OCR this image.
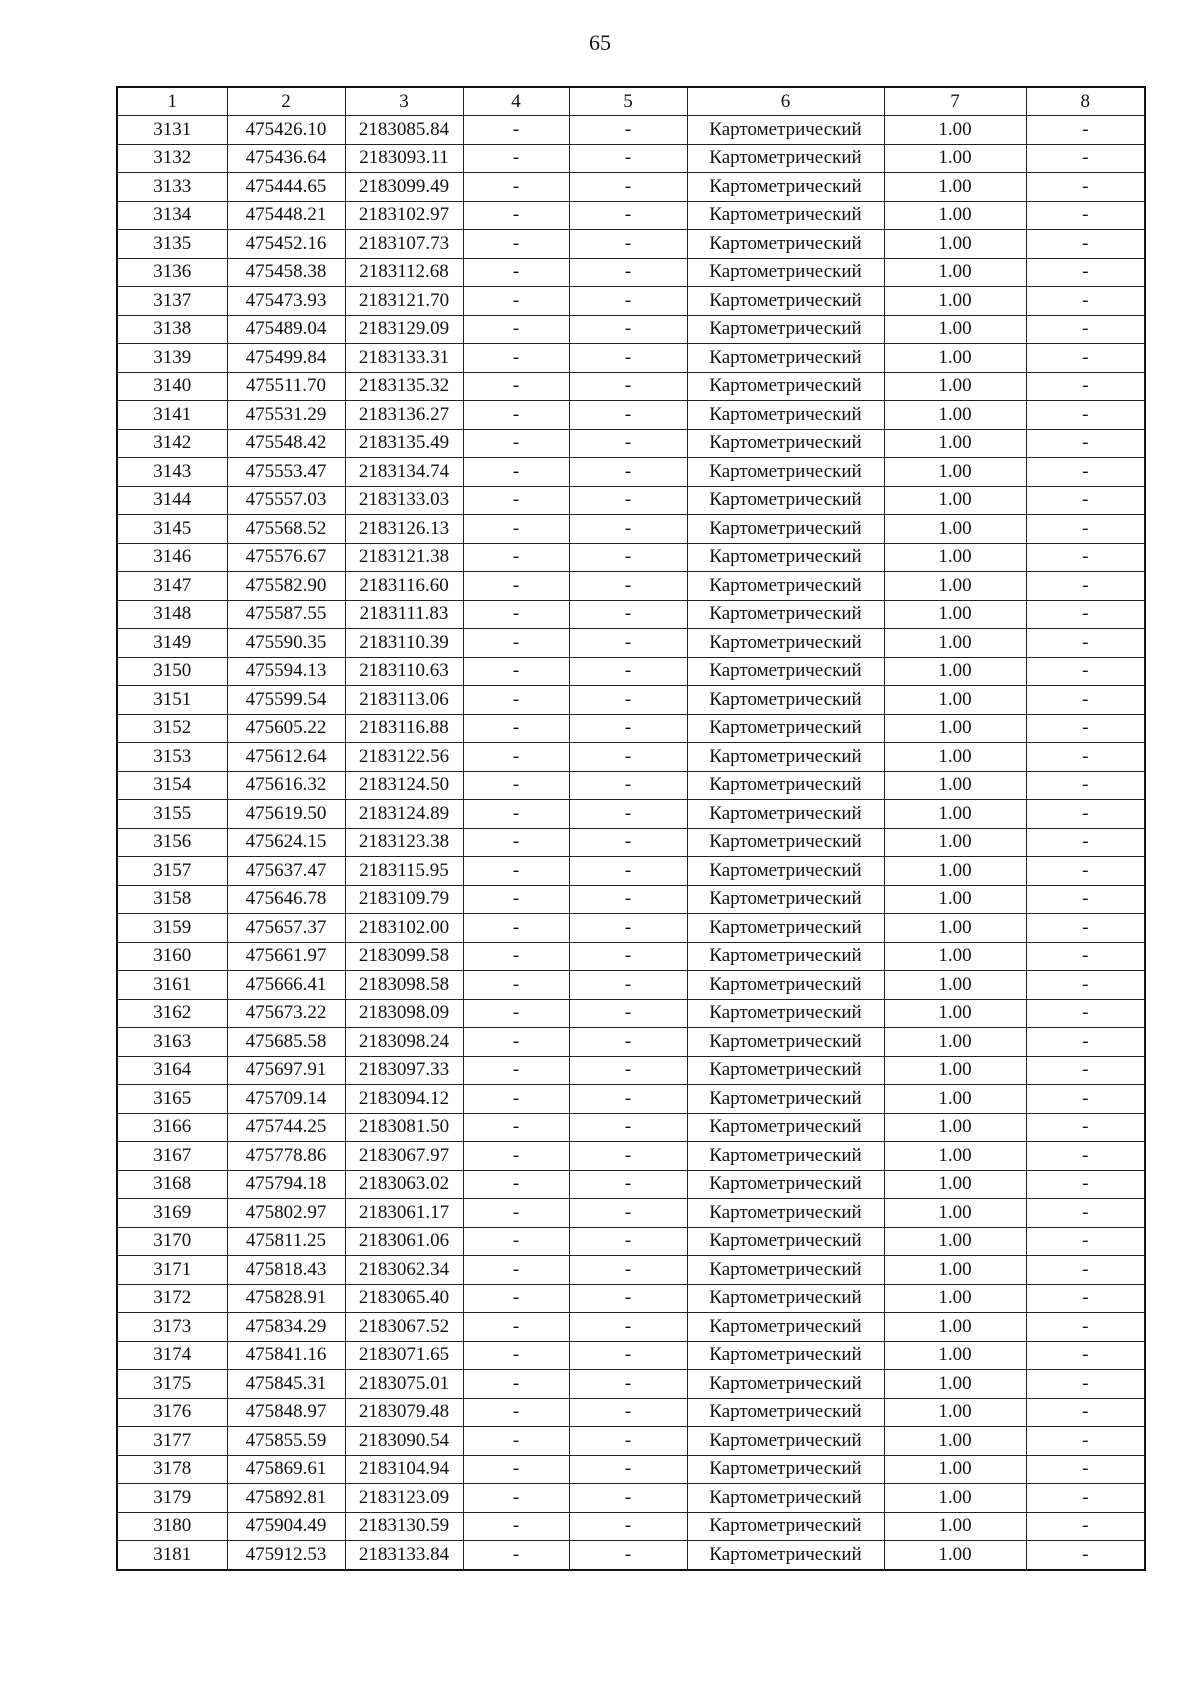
65
1	2	3	4	5	6	7	8
3131	475426.10	2183085.84	-	-	Картометрический	1.00	-
3132	475436.64	2183093.11	-	-	Картометрический	1.00	-
3133	475444.65	2183099.49	-	-	Картометрический	1.00	-
3134	475448.21	2183102.97	-	-	Картометрический	1.00	-
3135	475452.16	2183107.73	-	-	Картометрический	1.00	-
3136	475458.38	2183112.68	-	-	Картометрический	1.00	-
3137	475473.93	2183121.70	-	-	Картометрический	1.00	-
3138	475489.04	2183129.09	-	-	Картометрический	1.00	-
3139	475499.84	2183133.31	-	-	Картометрический	1.00	-
3140	475511.70	2183135.32	-	-	Картометрический	1.00	-
3141	475531.29	2183136.27	-	-	Картометрический	1.00	-
3142	475548.42	2183135.49	-	-	Картометрический	1.00	-
3143	475553.47	2183134.74	-	-	Картометрический	1.00	-
3144	475557.03	2183133.03	-	-	Картометрический	1.00	-
3145	475568.52	2183126.13	-	-	Картометрический	1.00	-
3146	475576.67	2183121.38	-	-	Картометрический	1.00	-
3147	475582.90	2183116.60	-	-	Картометрический	1.00	-
3148	475587.55	2183111.83	-	-	Картометрический	1.00	-
3149	475590.35	2183110.39	-	-	Картометрический	1.00	-
3150	475594.13	2183110.63	-	-	Картометрический	1.00	-
3151	475599.54	2183113.06	-	-	Картометрический	1.00	-
3152	475605.22	2183116.88	-	-	Картометрический	1.00	-
3153	475612.64	2183122.56	-	-	Картометрический	1.00	-
3154	475616.32	2183124.50	-	-	Картометрический	1.00	-
3155	475619.50	2183124.89	-	-	Картометрический	1.00	-
3156	475624.15	2183123.38	-	-	Картометрический	1.00	-
3157	475637.47	2183115.95	-	-	Картометрический	1.00	-
3158	475646.78	2183109.79	-	-	Картометрический	1.00	-
3159	475657.37	2183102.00	-	-	Картометрический	1.00	-
3160	475661.97	2183099.58	-	-	Картометрический	1.00	-
3161	475666.41	2183098.58	-	-	Картометрический	1.00	-
3162	475673.22	2183098.09	-	-	Картометрический	1.00	-
3163	475685.58	2183098.24	-	-	Картометрический	1.00	-
3164	475697.91	2183097.33	-	-	Картометрический	1.00	-
3165	475709.14	2183094.12	-	-	Картометрический	1.00	-
3166	475744.25	2183081.50	-	-	Картометрический	1.00	-
3167	475778.86	2183067.97	-	-	Картометрический	1.00	-
3168	475794.18	2183063.02	-	-	Картометрический	1.00	-
3169	475802.97	2183061.17	-	-	Картометрический	1.00	-
3170	475811.25	2183061.06	-	-	Картометрический	1.00	-
3171	475818.43	2183062.34	-	-	Картометрический	1.00	-
3172	475828.91	2183065.40	-	-	Картометрический	1.00	-
3173	475834.29	2183067.52	-	-	Картометрический	1.00	-
3174	475841.16	2183071.65	-	-	Картометрический	1.00	-
3175	475845.31	2183075.01	-	-	Картометрический	1.00	-
3176	475848.97	2183079.48	-	-	Картометрический	1.00	-
3177	475855.59	2183090.54	-	-	Картометрический	1.00	-
3178	475869.61	2183104.94	-	-	Картометрический	1.00	-
3179	475892.81	2183123.09	-	-	Картометрический	1.00	-
3180	475904.49	2183130.59	-	-	Картометрический	1.00	-
3181	475912.53	2183133.84	-	-	Картометрический	1.00	-
